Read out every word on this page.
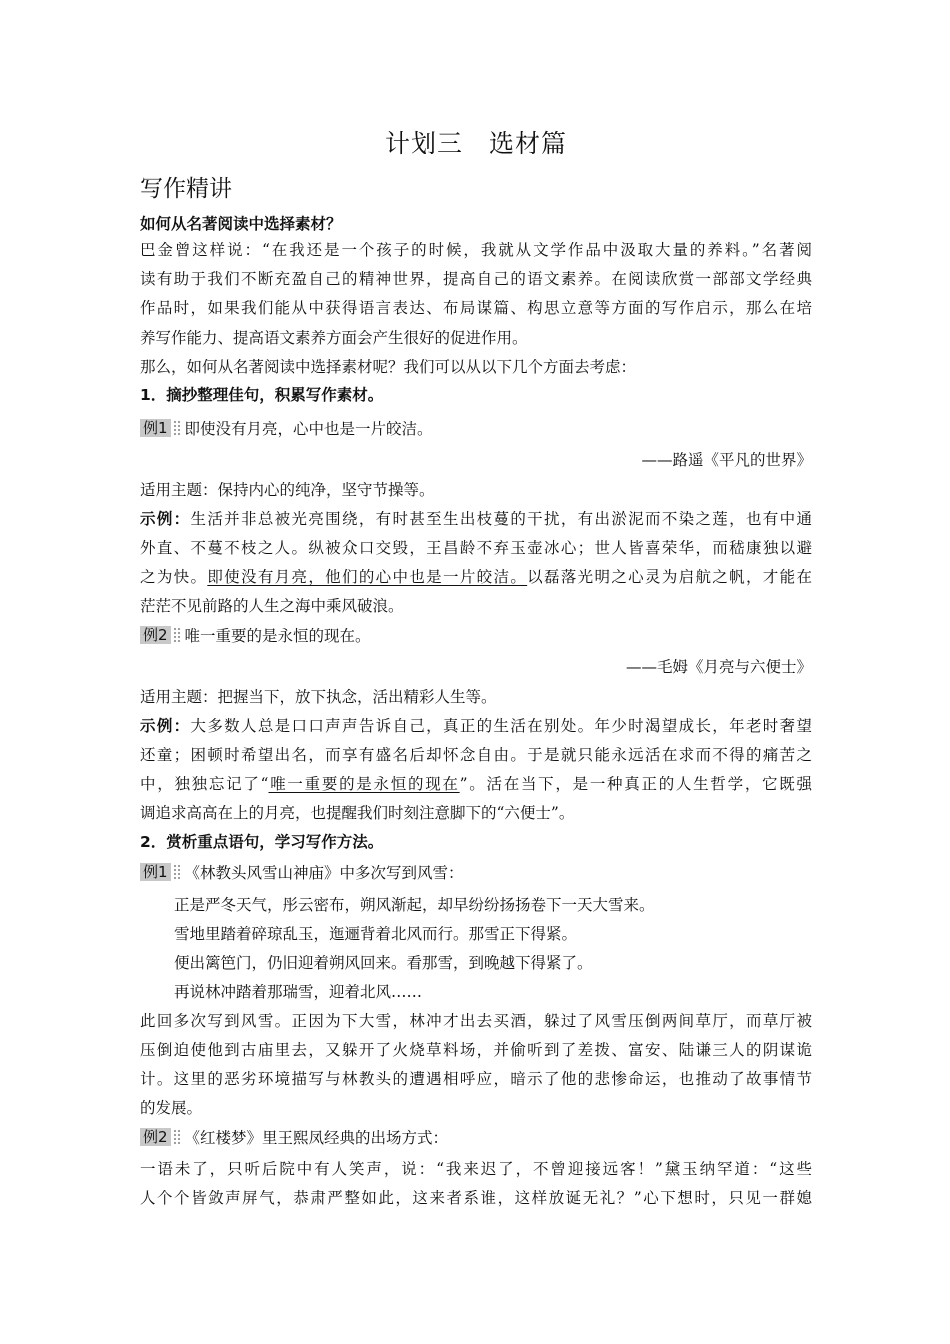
计划三　选材篇
写作精讲
如何从名著阅读中选择素材？
巴金曾这样说：“在我还是一个孩子的时候，我就从文学作品中汲取大量的养料。”名著阅
读有助于我们不断充盈自己的精神世界，提高自己的语文素养。在阅读欣赏一部部文学经典
作品时，如果我们能从中获得语言表达、布局谋篇、构思立意等方面的写作启示，那么在培
养写作能力、提高语文素养方面会产生很好的促进作用。
那么，如何从名著阅读中选择素材呢？我们可以从以下几个方面去考虑：
1．摘抄整理佳句，积累写作素材。
例1 即使没有月亮，心中也是一片皎洁。
——路遥《平凡的世界》
适用主题：保持内心的纯净，坚守节操等。
示例：生活并非总被光亮围绕，有时甚至生出枝蔓的干扰，有出淤泥而不染之莲，也有中通
外直、不蔓不枝之人。纵被众口交毁，王昌龄不弃玉壶冰心；世人皆喜荣华，而嵇康独以避
之为快。即使没有月亮，他们的心中也是一片皎洁。以磊落光明之心灵为启航之帆，才能在
茫茫不见前路的人生之海中乘风破浪。
例2 唯一重要的是永恒的现在。
——毛姆《月亮与六便士》
适用主题：把握当下，放下执念，活出精彩人生等。
示例：大多数人总是口口声声告诉自己，真正的生活在别处。年少时渴望成长，年老时奢望
还童；困顿时希望出名，而享有盛名后却怀念自由。于是就只能永远活在求而不得的痛苦之
中，独独忘记了“唯一重要的是永恒的现在”。活在当下，是一种真正的人生哲学，它既强
调追求高高在上的月亮，也提醒我们时刻注意脚下的“六便士”。
2．赏析重点语句，学习写作方法。
例1 《林教头风雪山神庙》中多次写到风雪：
正是严冬天气，彤云密布，朔风渐起，却早纷纷扬扬卷下一天大雪来。
雪地里踏着碎琼乱玉，迤逦背着北风而行。那雪正下得紧。
便出篱笆门，仍旧迎着朔风回来。看那雪，到晚越下得紧了。
再说林冲踏着那瑞雪，迎着北风……
此回多次写到风雪。正因为下大雪，林冲才出去买酒，躲过了风雪压倒两间草厅，而草厅被
压倒迫使他到古庙里去，又躲开了火烧草料场，并偷听到了差拨、富安、陆谦三人的阴谋诡
计。这里的恶劣环境描写与林教头的遭遇相呼应，暗示了他的悲惨命运，也推动了故事情节
的发展。
例2 《红楼梦》里王熙凤经典的出场方式：
一语未了，只听后院中有人笑声，说：“我来迟了，不曾迎接远客！”黛玉纳罕道：“这些
人个个皆敛声屏气，恭肃严整如此，这来者系谁，这样放诞无礼？”心下想时，只见一群媳
